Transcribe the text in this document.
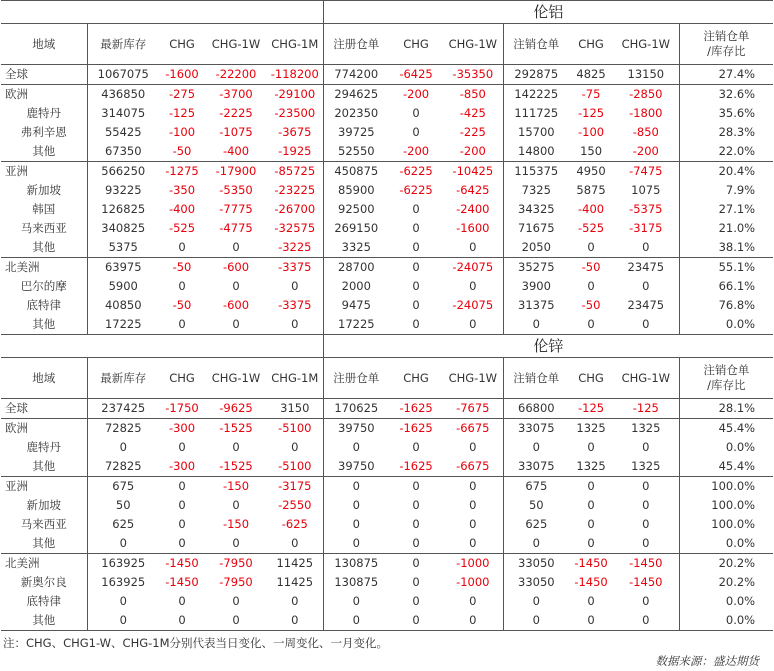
					伦铝						
地域	最新库存	CHG	CHG-1W	CHG-1M	注册仓单	CHG	CHG-1W	注销仓单	CHG	CHG-1W	注销仓单
/库存比

全球	1067075	-1600	-22200	-118200	774200	-6425	-35350	292875	4825	13150	27.4%
欧洲	436850	-275	-3700	-29100	294625	-200	-850	142225	-75	-2850	32.6%
鹿特丹	314075	-125	-2225	-23500	202350	0	-425	111725	-125	-1800	35.6%
弗利辛恩	55425	-100	-1075	-3675	39725	0	-225	15700	-100	-850	28.3%
其他	67350	-50	-400	-1925	52550	-200	-200	14800	150	-200	22.0%
亚洲	566250	-1275	-17900	-85725	450875	-6225	-10425	115375	4950	-7475	20.4%
新加坡	93225	-350	-5350	-23225	85900	-6225	-6425	7325	5875	1075	7.9%
韩国	126825	-400	-7775	-26700	92500	0	-2400	34325	-400	-5375	27.1%
马来西亚	340825	-525	-4775	-32575	269150	0	-1600	71675	-525	-3175	21.0%
其他	5375	0	0	-3225	3325	0	0	2050	0	0	38.1%
北美洲	63975	-50	-600	-3375	28700	0	-24075	35275	-50	23475	55.1%
巴尔的摩	5900	0	0	0	2000	0	0	3900	0	0	66.1%
底特律	40850	-50	-600	-3375	9475	0	-24075	31375	-50	23475	76.8%
其他	17225	0	0	0	17225	0	0	0	0	0	0.0%
					伦锌						
地域	最新库存	CHG	CHG-1W	CHG-1M	注册仓单	CHG	CHG-1W	注销仓单	CHG	CHG-1W	注销仓单
/库存比

全球	237425	-1750	-9625	3150	170625	-1625	-7675	66800	-125	-125	28.1%
欧洲	72825	-300	-1525	-5100	39750	-1625	-6675	33075	1325	1325	45.4%
鹿特丹	0	0	0	0	0	0	0	0	0	0	0.0%
其他	72825	-300	-1525	-5100	39750	-1625	-6675	33075	1325	1325	45.4%
亚洲	675	0	-150	-3175	0	0	0	675	0	0	100.0%
新加坡	50	0	0	-2550	0	0	0	50	0	0	100.0%
马来西亚	625	0	-150	-625	0	0	0	625	0	0	100.0%
其他	0	0	0	0	0	0	0	0	0	0	0.0%
北美洲	163925	-1450	-7950	11425	130875	0	-1000	33050	-1450	-1450	20.2%
新奥尔良	163925	-1450	-7950	11425	130875	0	-1000	33050	-1450	-1450	20.2%
底特律	0	0	0	0	0	0	0	0	0	0	0.0%
其他	0	0	0	0	0	0	0	0	0	0	0.0%
注：CHG、CHG1-W、CHG-1M分别代表当日变化、一周变化、一月变化。
数据来源：盛达期货
